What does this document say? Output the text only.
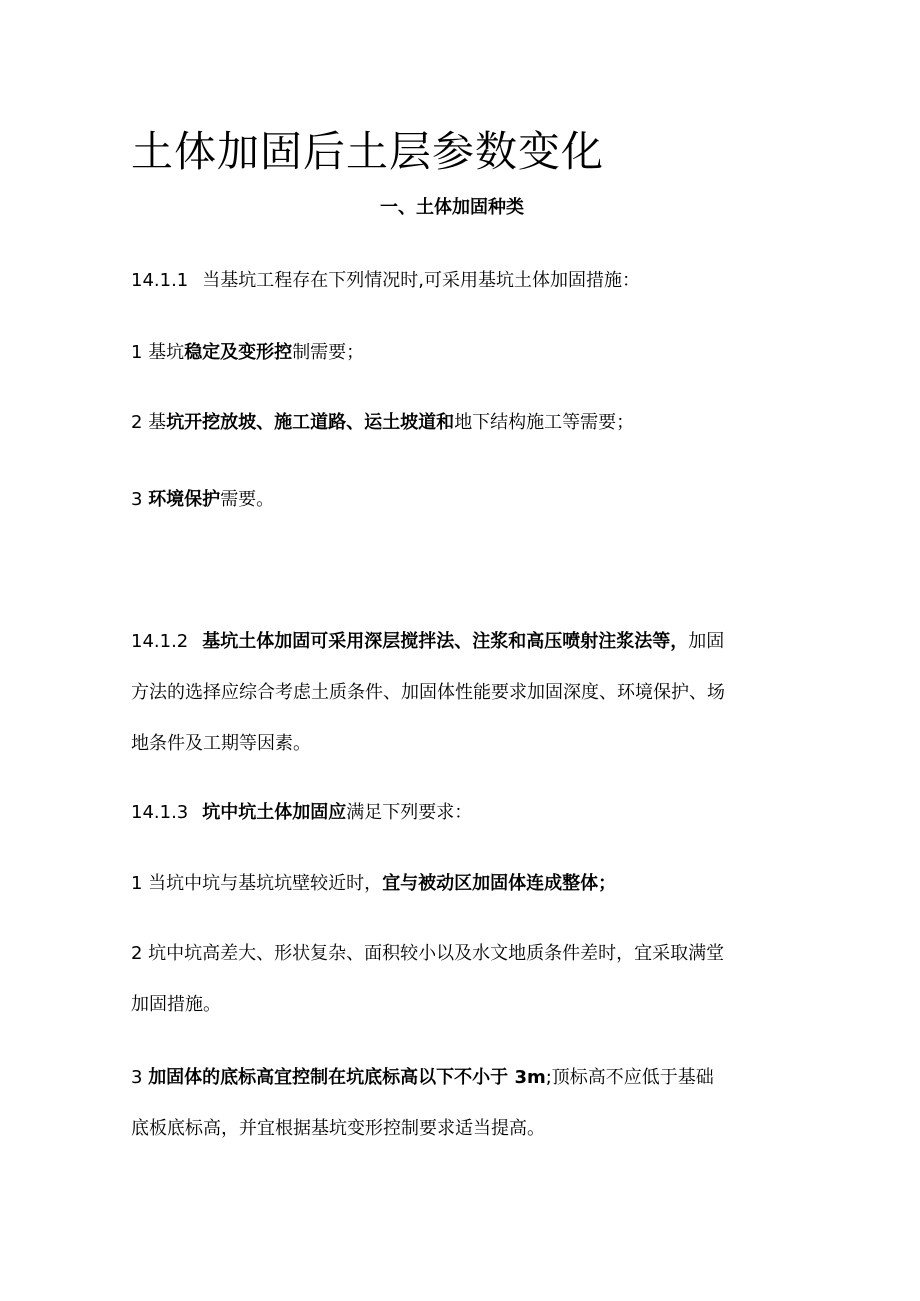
土体加固后土层参数变化
一、土体加固种类

14.1.1 当基坑工程存在下列情况时,可采用基坑土体加固措施：

1 基坑稳定及变形控制需要；

2 基坑开挖放坡、施工道路、运土坡道和地下结构施工等需要；

3 环境保护需要。

14.1.2 基坑土体加固可采用深层搅拌法、注浆和高压喷射注浆法等，加固
方法的选择应综合考虑土质条件、加固体性能要求加固深度、环境保护、场
地条件及工期等因素。

14.1.3 坑中坑土体加固应满足下列要求：

1 当坑中坑与基坑坑壁较近时，宜与被动区加固体连成整体；

2 坑中坑高差大、形状复杂、面积较小以及水文地质条件差时，宜采取满堂
加固措施。
3 加固体的底标高宜控制在坑底标高以下不小于 3m;顶标高不应低于基础
底板底标高，并宜根据基坑变形控制要求适当提高。
